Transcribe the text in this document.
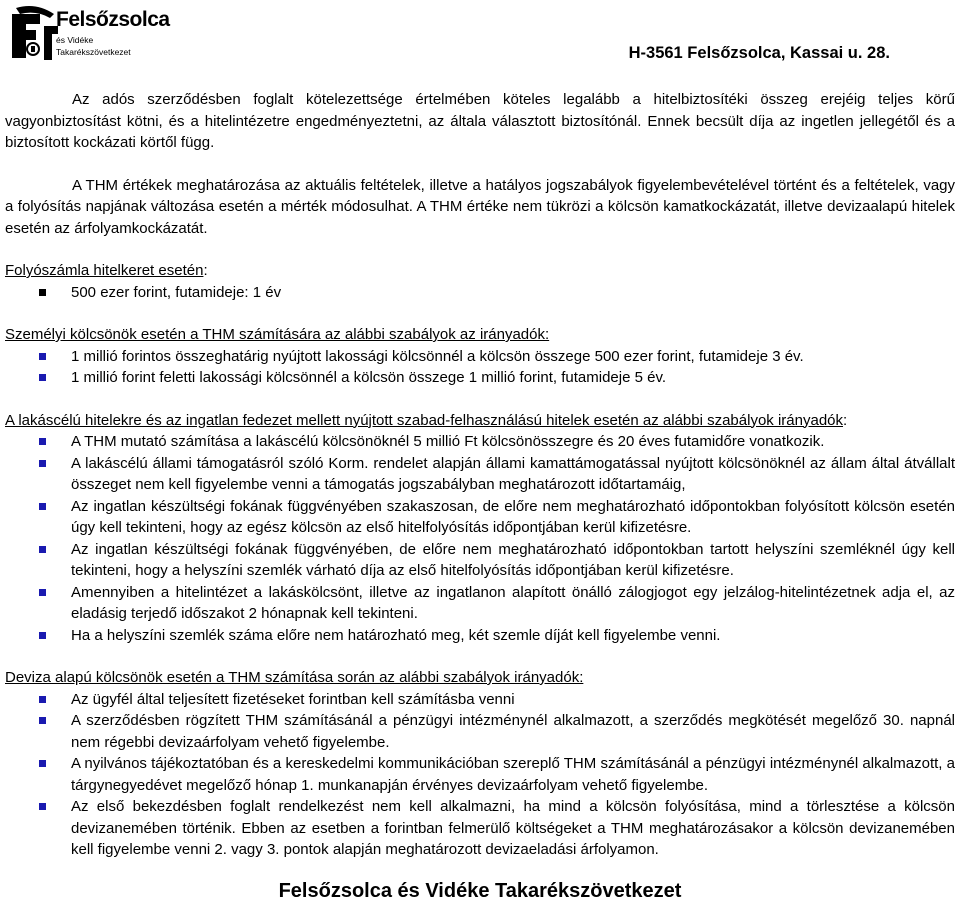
Felsőzsolca
és Vidéke
Takarékszövetkezet	H-3561 Felsőzsolca, Kassai u. 28.

Az adós szerződésben foglalt kötelezettsége értelmében köteles legalább a hitelbiztosítéki összeg erejéig teljes körű vagyonbiztosítást kötni, és a hitelintézetre engedményeztetni, az általa választott biztosítónál. Ennek becsült díja az ingetlen jellegétől és a biztosított kockázati körtől függ.

A THM értékek meghatározása az aktuális feltételek, illetve a hatályos jogszabályok figyelembevételével történt és a feltételek, vagy a folyósítás napjának változása esetén a mérték módosulhat. A THM értéke nem tükrözi a kölcsön kamatkockázatát, illetve devizaalapú hitelek esetén az árfolyamkockázatát.

Folyószámla hitelkeret esetén:

500 ezer forint, futamideje: 1 év

Személyi kölcsönök esetén a THM számítására az alábbi szabályok az irányadók:

1 millió forintos összeghatárig nyújtott lakossági kölcsönnél a kölcsön összege 500 ezer forint, futamideje 3 év.
1 millió forint feletti lakossági kölcsönnél a kölcsön összege 1 millió forint, futamideje 5 év.

A lakáscélú hitelekre és az ingatlan fedezet mellett nyújtott szabad-felhasználású hitelek esetén az alábbi szabályok irányadók:

A THM mutató számítása a lakáscélú kölcsönöknél 5 millió Ft kölcsönösszegre és 20 éves futamidőre vonatkozik.
A lakáscélú állami támogatásról szóló Korm. rendelet alapján állami kamattámogatással nyújtott kölcsönöknél az állam által átvállalt összeget nem kell figyelembe venni a támogatás jogszabályban meghatározott időtartamáig,
Az ingatlan készültségi fokának függvényében szakaszosan, de előre nem meghatározható időpontokban folyósított kölcsön esetén úgy kell tekinteni, hogy az egész kölcsön az első hitelfolyósítás időpontjában kerül kifizetésre.
Az ingatlan készültségi fokának függvényében, de előre nem meghatározható időpontokban tartott helyszíni szemléknél úgy kell tekinteni, hogy a helyszíni szemlék várható díja az első hitelfolyósítás időpontjában kerül kifizetésre.
Amennyiben a hitelintézet a lakáskölcsönt, illetve az ingatlanon alapított önálló zálogjogot egy jelzálog-hitelintézetnek adja el, az eladásig terjedő időszakot 2 hónapnak kell tekinteni.
Ha a helyszíni szemlék száma előre nem határozható meg, két szemle díját kell figyelembe venni.

Deviza alapú kölcsönök esetén a THM számítása során az alábbi szabályok irányadók:

Az ügyfél által teljesített fizetéseket forintban kell számításba venni
A szerződésben rögzített THM számításánál a pénzügyi intézménynél alkalmazott, a szerződés megkötését megelőző 30. napnál nem régebbi devizaárfolyam vehető figyelembe.
A nyilvános tájékoztatóban és a kereskedelmi kommunikációban szereplő THM számításánál a pénzügyi intézménynél alkalmazott, a tárgynegyedévet megelőző hónap 1. munkanapján érvényes devizaárfolyam vehető figyelembe.
Az első bekezdésben foglalt rendelkezést nem kell alkalmazni, ha mind a kölcsön folyósítása, mind a törlesztése a kölcsön devizanemében történik. Ebben az esetben a forintban felmerülő költségeket a THM meghatározásakor a kölcsön devizanemében kell figyelembe venni 2. vagy 3. pontok alapján meghatározott devizaeladási árfolyamon.
Felsőzsolca és Vidéke Takarékszövetkezet
